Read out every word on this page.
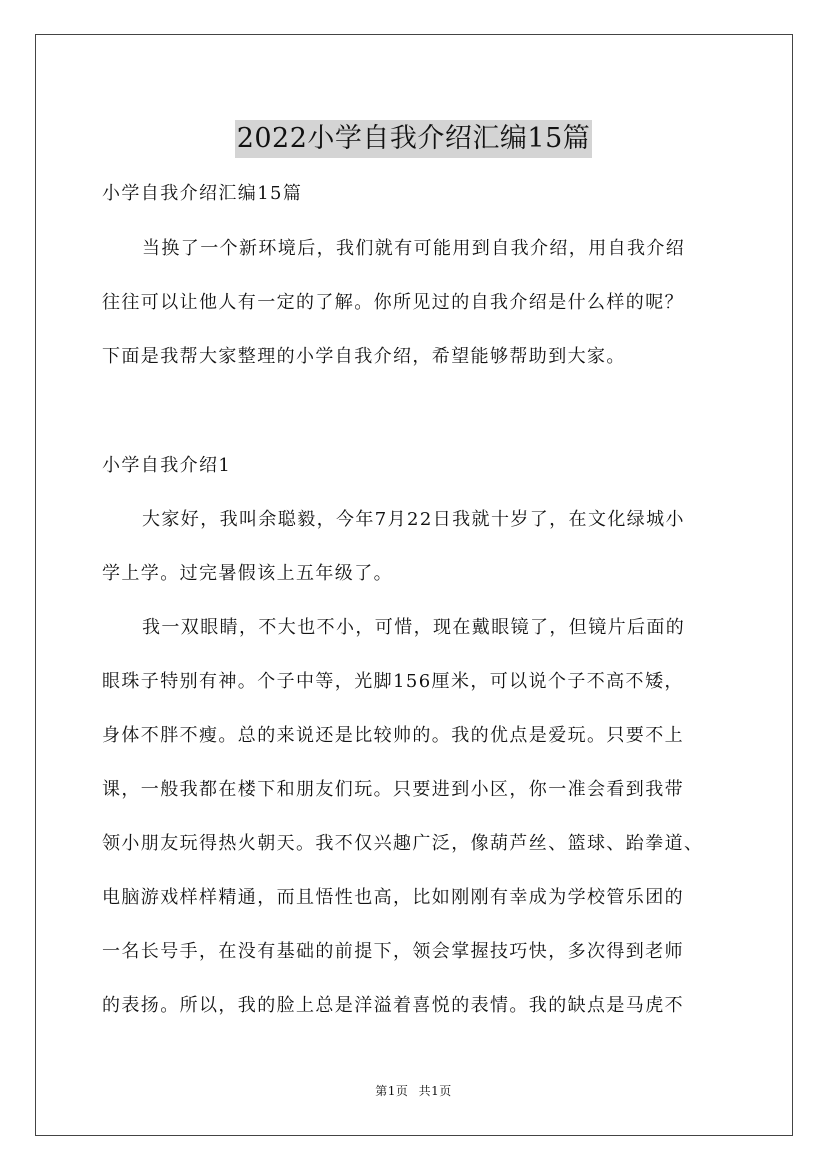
2022小学自我介绍汇编15篇
小学自我介绍汇编15篇
当换了一个新环境后，我们就有可能用到自我介绍，用自我介绍
往往可以让他人有一定的了解。你所见过的自我介绍是什么样的呢？
下面是我帮大家整理的小学自我介绍，希望能够帮助到大家。
小学自我介绍1
大家好，我叫余聪毅，今年7月22日我就十岁了，在文化绿城小
学上学。过完暑假该上五年级了。
我一双眼睛，不大也不小，可惜，现在戴眼镜了，但镜片后面的
眼珠子特别有神。个子中等，光脚156厘米，可以说个子不高不矮，
身体不胖不瘦。总的来说还是比较帅的。我的优点是爱玩。只要不上
课，一般我都在楼下和朋友们玩。只要进到小区，你一准会看到我带
领小朋友玩得热火朝天。我不仅兴趣广泛，像葫芦丝、篮球、跆拳道、
电脑游戏样样精通，而且悟性也高，比如刚刚有幸成为学校管乐团的
一名长号手，在没有基础的前提下，领会掌握技巧快，多次得到老师
的表扬。所以，我的脸上总是洋溢着喜悦的表情。我的缺点是马虎不
第1页 共1页
